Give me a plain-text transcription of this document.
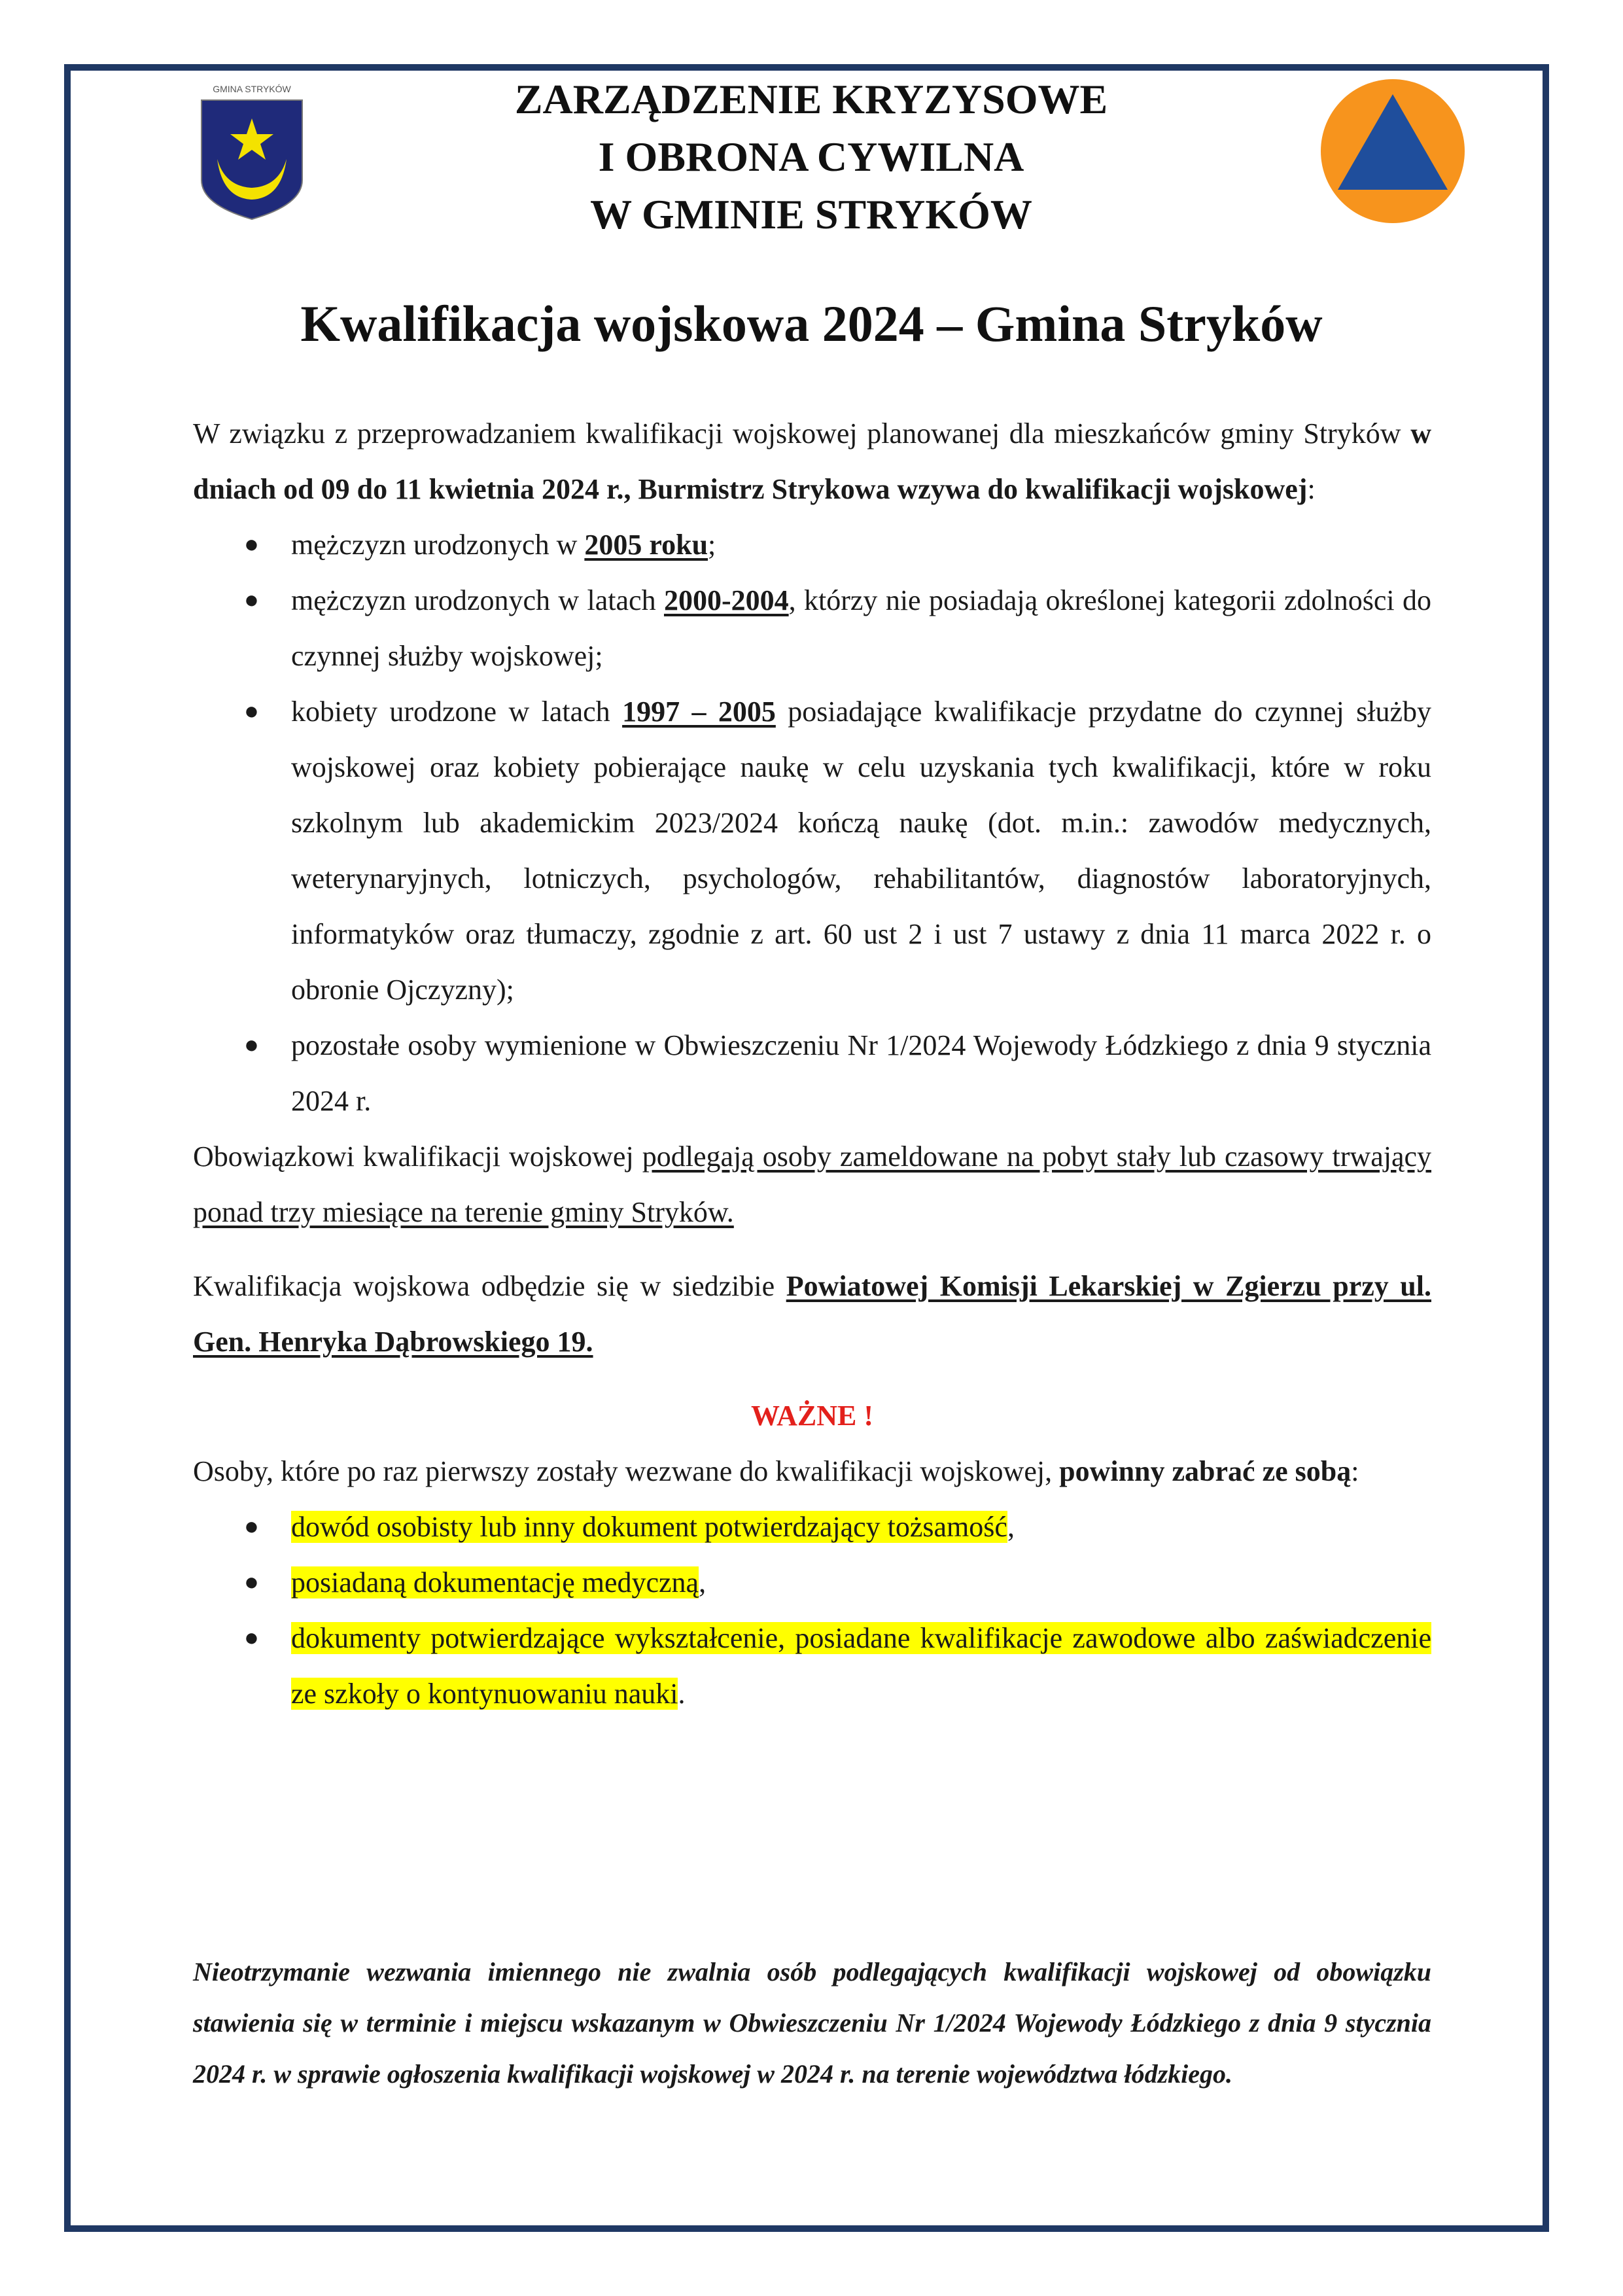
GMINA STRYKÓW	ZARZĄDZENIE KRYZYSOWE
I OBRONA CYWILNA
W GMINIE STRYKÓW
Kwalifikacja wojskowa 2024 – Gmina Stryków

W związku z przeprowadzaniem kwalifikacji wojskowej planowanej dla mieszkańców gminy Stryków w dniach od 09 do 11 kwietnia 2024 r., Burmistrz Strykowa wzywa do kwalifikacji wojskowej:

● mężczyzn urodzonych w 2005 roku;
● mężczyzn urodzonych w latach 2000-2004, którzy nie posiadają określonej kategorii zdolności do czynnej służby wojskowej;
● kobiety urodzone w latach 1997 – 2005 posiadające kwalifikacje przydatne do czynnej służby wojskowej oraz kobiety pobierające naukę w celu uzyskania tych kwalifikacji, które w roku szkolnym lub akademickim 2023/2024 kończą naukę (dot. m.in.: zawodów medycznych, weterynaryjnych, lotniczych, psychologów, rehabilitantów, diagnostów laboratoryjnych, informatyków oraz tłumaczy, zgodnie z art. 60 ust 2 i ust 7 ustawy z dnia 11 marca 2022 r. o obronie Ojczyzny);
● pozostałe osoby wymienione w Obwieszczeniu Nr 1/2024 Wojewody Łódzkiego z dnia 9 stycznia 2024 r.

Obowiązkowi kwalifikacji wojskowej podlegają osoby zameldowane na pobyt stały lub czasowy trwający ponad trzy miesiące na terenie gminy Stryków.

Kwalifikacja wojskowa odbędzie się w siedzibie Powiatowej Komisji Lekarskiej w Zgierzu przy ul. Gen. Henryka Dąbrowskiego 19.

WAŻNE !

Osoby, które po raz pierwszy zostały wezwane do kwalifikacji wojskowej, powinny zabrać ze sobą:

● dowód osobisty lub inny dokument potwierdzający tożsamość,
● posiadaną dokumentację medyczną,
● dokumenty potwierdzające wykształcenie, posiadane kwalifikacje zawodowe albo zaświadczenie ze szkoły o kontynuowaniu nauki.

Nieotrzymanie wezwania imiennego nie zwalnia osób podlegających kwalifikacji wojskowej od obowiązku stawienia się w terminie i miejscu wskazanym w Obwieszczeniu Nr 1/2024 Wojewody Łódzkiego z dnia 9 stycznia 2024 r. w sprawie ogłoszenia kwalifikacji wojskowej w 2024 r. na terenie województwa łódzkiego.
